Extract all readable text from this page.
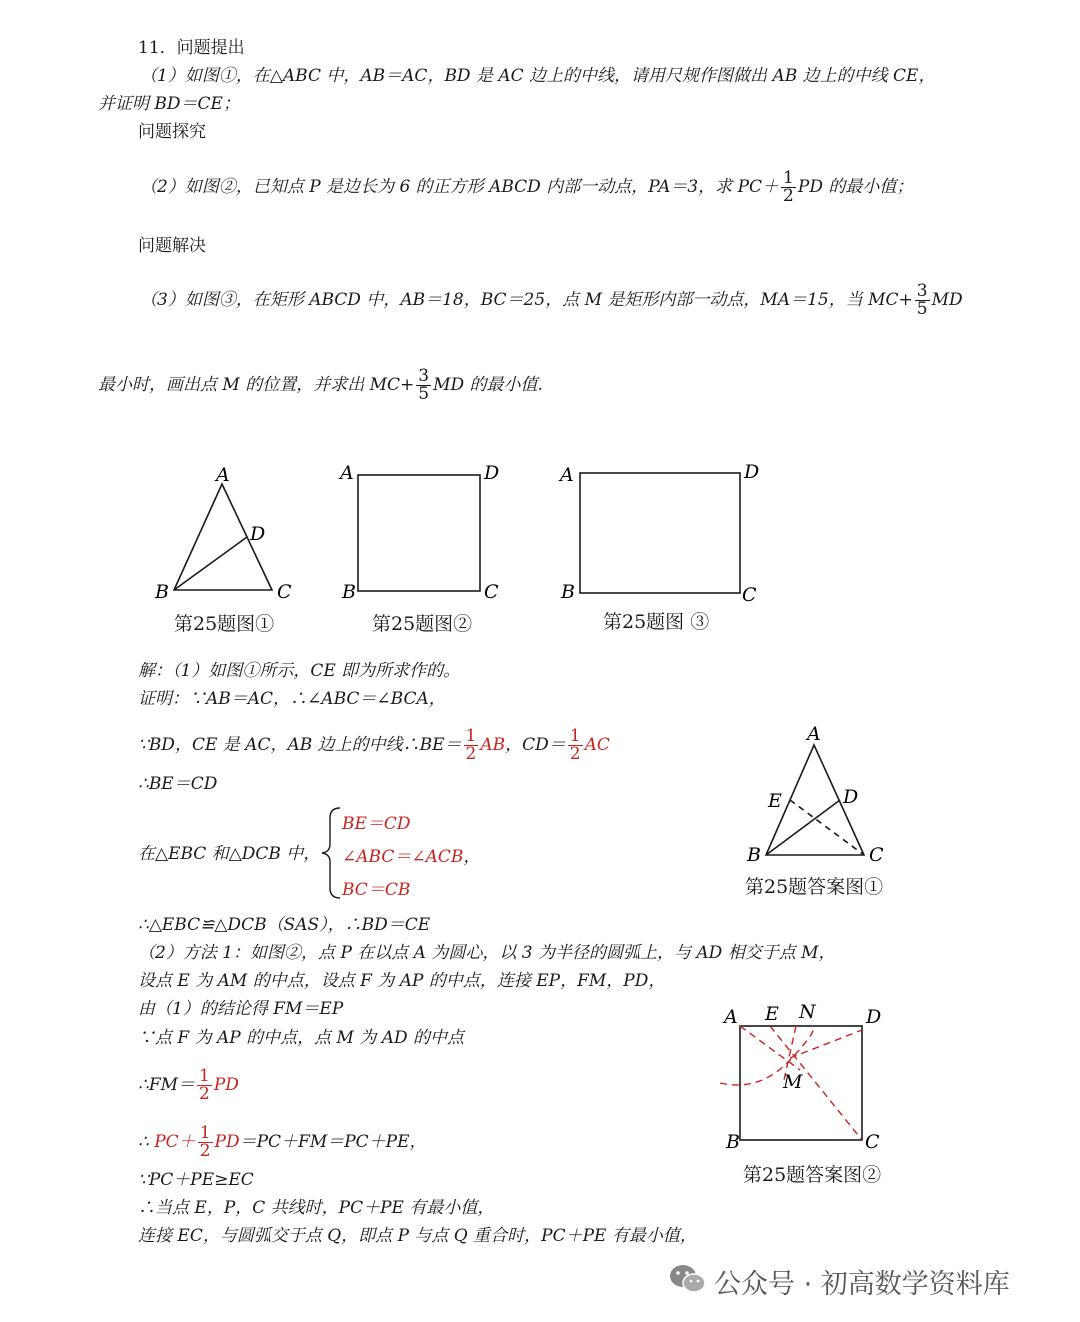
11．问题提出
（1）如图①，在△ABC 中，AB＝AC，BD 是 AC 边上的中线，请用尺规作图做出 AB 边上的中线 CE，
并证明 BD＝CE；
问题探究
（2）如图②，已知点 P 是边长为 6 的正方形 ABCD 内部一动点，PA＝3，求 $PC+ \frac{1}{2}$ PD 的最小值；
问题解决
（3）如图③，在矩形 ABCD 中，AB＝18，BC＝25，点 M 是矩形内部一动点，MA＝15，当 $MC+ \frac{3}{5}$ MD
最小时，画出点 M 的位置，并求出 $MC+ \frac{3}{5}$ MD 的最小值.
A
D
B	C
A	D
B	C
A	D
B	C
A
E	D
B	C
A E N	D
M
B	C
第25题图①	第25题图②	第25题图 ③
第25题答案图①
第25题答案图②
解：（1）如图①所示，CE 即为所求作的。
证明：∵AB＝AC，∴∠ABC＝∠BCA，
∵BD，CE 是 AC，AB 边上的中线∴BE＝ $\frac{1}{2}$ AB，$CD= \frac{1}{2}$ AC
∴BE＝CD
在△EBC 和△DCB 中，
BE＝CD
∠ABC＝∠ACB，
BC＝CB
∴△EBC≌△DCB（SAS），∴BD＝CE
（2）方法 1：如图②，点 P 在以点 A 为圆心，以 3 为半径的圆弧上，与 AD 相交于点 M，
设点 E 为 AM 的中点，设点 F 为 AP 的中点，连接 EP，FM，PD，
由（1）的结论得 FM＝EP
∵点 F 为 AP 的中点，点 M 为 AD 的中点
∴FM＝ $\frac{1}{2}$ PD
∴ $PC+ \frac{1}{2} PD=PC+FM=PC+PE$，
∵PC＋PE≥EC
∴当点 E，P，C 共线时，PC＋PE 有最小值，
连接 EC，与圆弧交于点 Q，即点 P 与点 Q 重合时，PC＋PE 有最小值，
公众号 · 初高数学资料库
